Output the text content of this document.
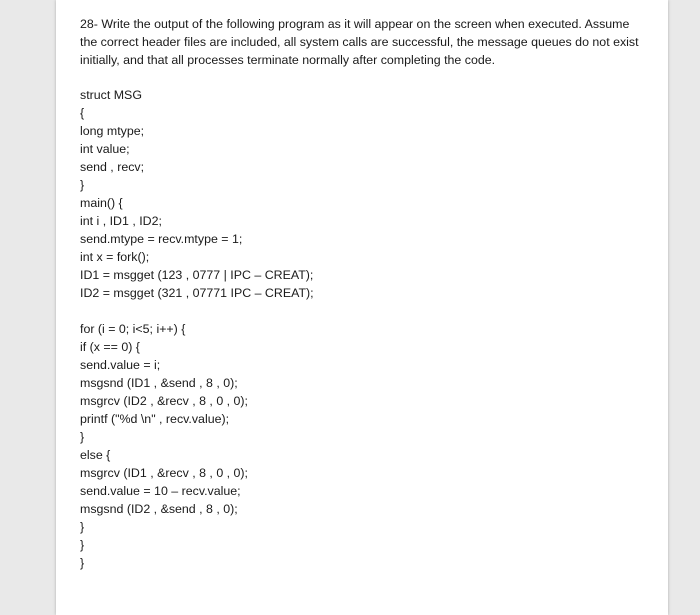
28- Write the output of the following program as it will appear on the screen when executed. Assume
the correct header files are included, all system calls are successful, the message queues do not exist
initially, and that all processes terminate normally after completing the code.
struct MSG
{
long mtype;
int value;
send , recv;
}
main() {
int i , ID1 , ID2;
send.mtype = recv.mtype = 1;
int x = fork();
ID1 = msgget (123 , 0777 | IPC – CREAT);
ID2 = msgget (321 , 07771 IPC – CREAT);
for (i = 0; i<5; i++) {
if (x == 0) {
send.value = i;
msgsnd (ID1 , &send , 8 , 0);
msgrcv (ID2 , &recv , 8 , 0 , 0);
printf ("%d \n" , recv.value);
}
else {
msgrcv (ID1 , &recv , 8 , 0 , 0);
send.value = 10 – recv.value;
msgsnd (ID2 , &send , 8 , 0);
}
}
}
